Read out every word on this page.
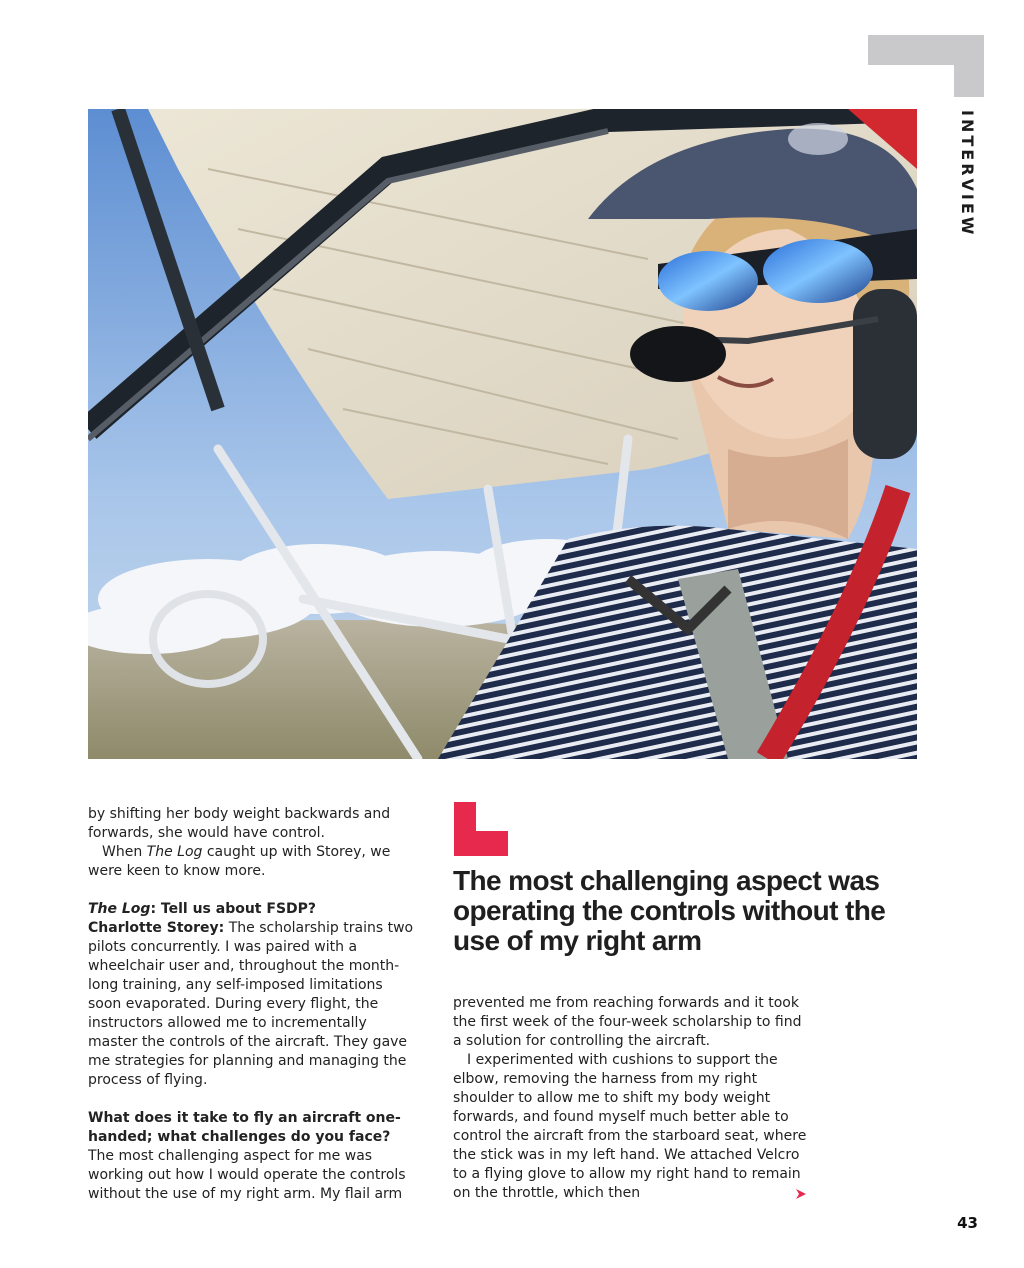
INTERVIEW

by shifting her body weight backwards and forwards, she would have control.

When The Log caught up with Storey, we were keen to know more.

The Log: Tell us about FSDP?

Charlotte Storey: The scholarship trains two pilots concurrently. I was paired with a wheelchair user and, throughout the month-long training, any self-imposed limitations soon evaporated. During every flight, the instructors allowed me to incrementally master the controls of the aircraft. They gave me strategies for planning and managing the process of flying.

What does it take to fly an aircraft one-handed; what challenges do you face?

The most challenging aspect for me was working out how I would operate the controls without the use of my right arm. My flail arm

The most challenging aspect was operating the controls without the use of my right arm

prevented me from reaching forwards and it took the first week of the four-week scholarship to find a solution for controlling the aircraft.

I experimented with cushions to support the elbow, removing the harness from my right shoulder to allow me to shift my body weight forwards, and found myself much better able to control the aircraft from the starboard seat, where the stick was in my left hand. We attached Velcro to a flying glove to allow my right hand to remain on the throttle, which then

43
